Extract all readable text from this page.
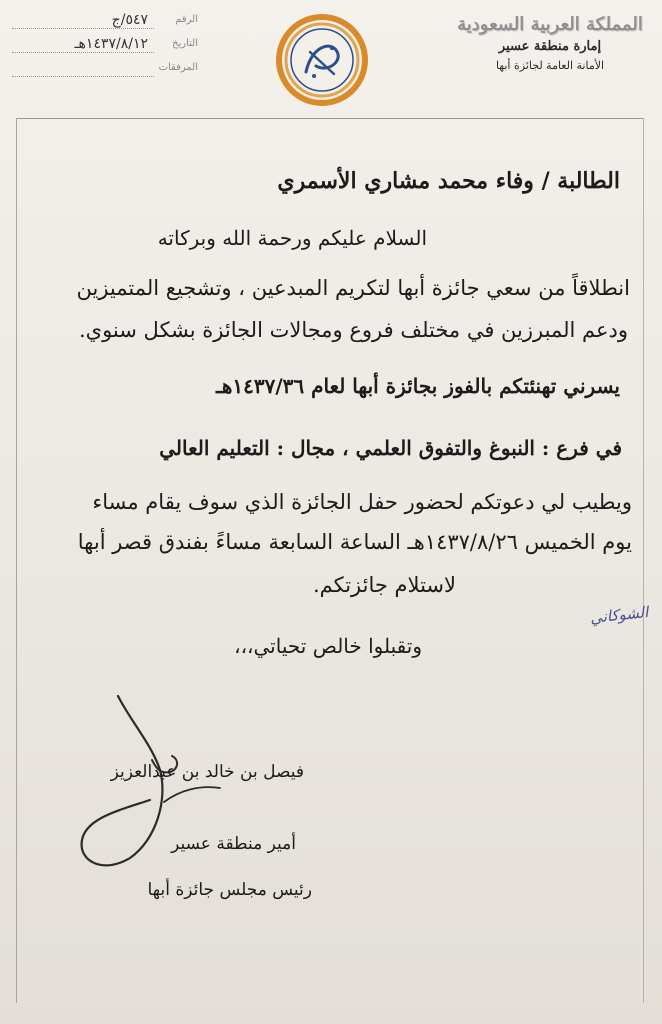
المملكة العربية السعودية
إمارة منطقة عسير
الأمانة العامة لجائزة أبها
الرقم
٥٤٧/ج
التاريخ
١٤٣٧/٨/١٢هـ
المرفقات
الطالبة / وفاء محمد مشاري الأسمري
السلام عليكم ورحمة الله وبركاته
انطلاقاً من سعي جائزة أبها لتكريم المبدعين ، وتشجيع المتميزين
ودعم المبرزين في مختلف فروع ومجالات الجائزة بشكل سنوي.
يسرني تهنئتكم بالفوز بجائزة أبها لعام ١٤٣٧/٣٦هـ
في فرع : النبوغ والتفوق العلمي ، مجال : التعليم العالي
ويطيب لي دعوتكم لحضور حفل الجائزة الذي سوف يقام مساء
يوم الخميس ١٤٣٧/٨/٢٦هـ الساعة السابعة مساءً بفندق قصر أبها
لاستلام جائزتكم.
الشوكاني
وتقبلوا خالص تحياتي،،،
فيصل بن خالد بن عبدالعزيز
أمير منطقة عسير
رئيس مجلس جائزة أبها
